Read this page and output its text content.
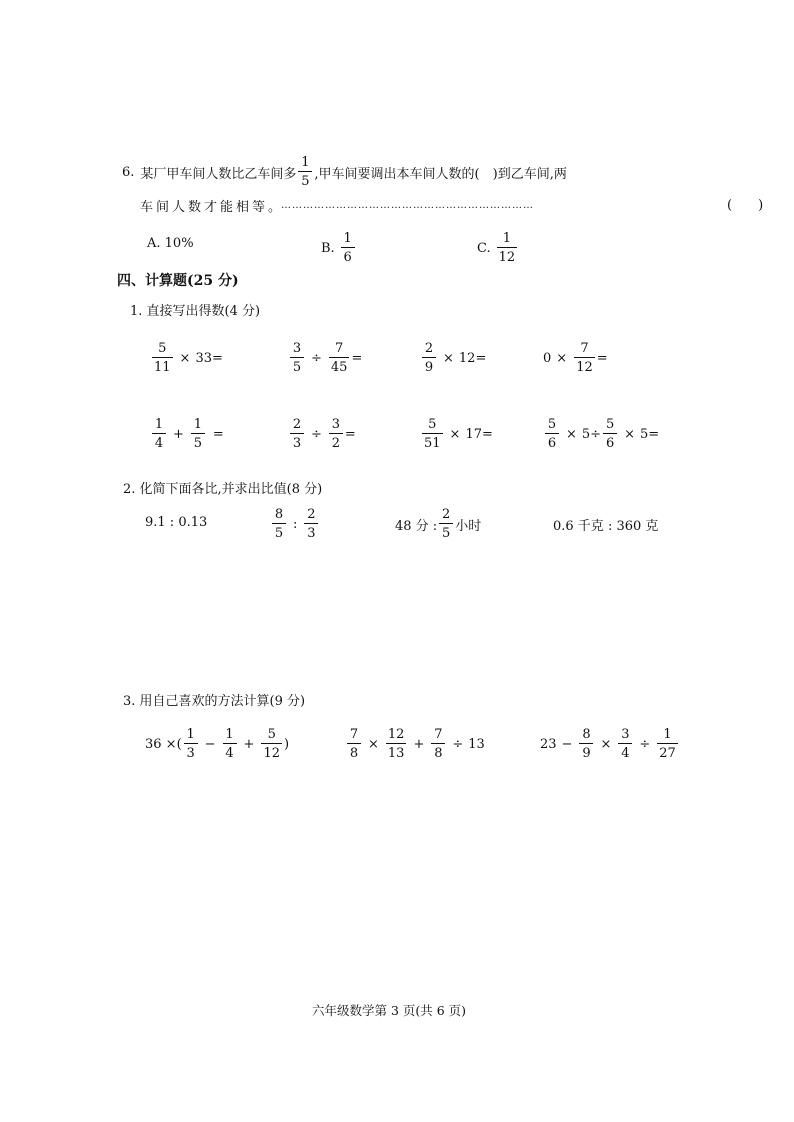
6. 某厂甲车间人数比乙车间多 $\frac{1}{5}$ ,甲车间要调出本车间人数的( )到乙车间,两
车间人数才能相等 。 ……………………………………………………………	(  )
A. 10%	B. $\frac{1}{6}$	C. $\frac{1}{12}$
四、计算题(25 分)
1. 直接写出得数(4 分)
$\frac{5}{11} \times 33=$	$\frac{3}{5} \div \frac{7}{45}$ =	$\frac{2}{9} \times 12=$	$0 \times \frac{7}{12}$ =
$\frac{1}{4} + \frac{1}{5}$ =	$\frac{2}{3} \div \frac{3}{2}$ =	$\frac{5}{51} \times 17=$	$\frac{5}{6} \times 5\div \frac{5}{6} \times 5=$
2. 化简下面各比,并求出比值(8 分)
9.1 : 0.13	$\frac{8}{5}$ : $\frac{2}{3}$	48 分 : $\frac{2}{5}$ 小时	0.6 千克 : 360 克
3. 用自己喜欢的方法计算(9 分)
36 ×( $\frac{1}{3} - \frac{1}{4} + \frac{5}{12}$ )	$\frac{7}{8} \times \frac{12}{13} + \frac{7}{8} \div 13$	$23 - \frac{8}{9} \times \frac{3}{4} \div \frac{1}{27}$
六年级数学第 3 页(共 6 页)
